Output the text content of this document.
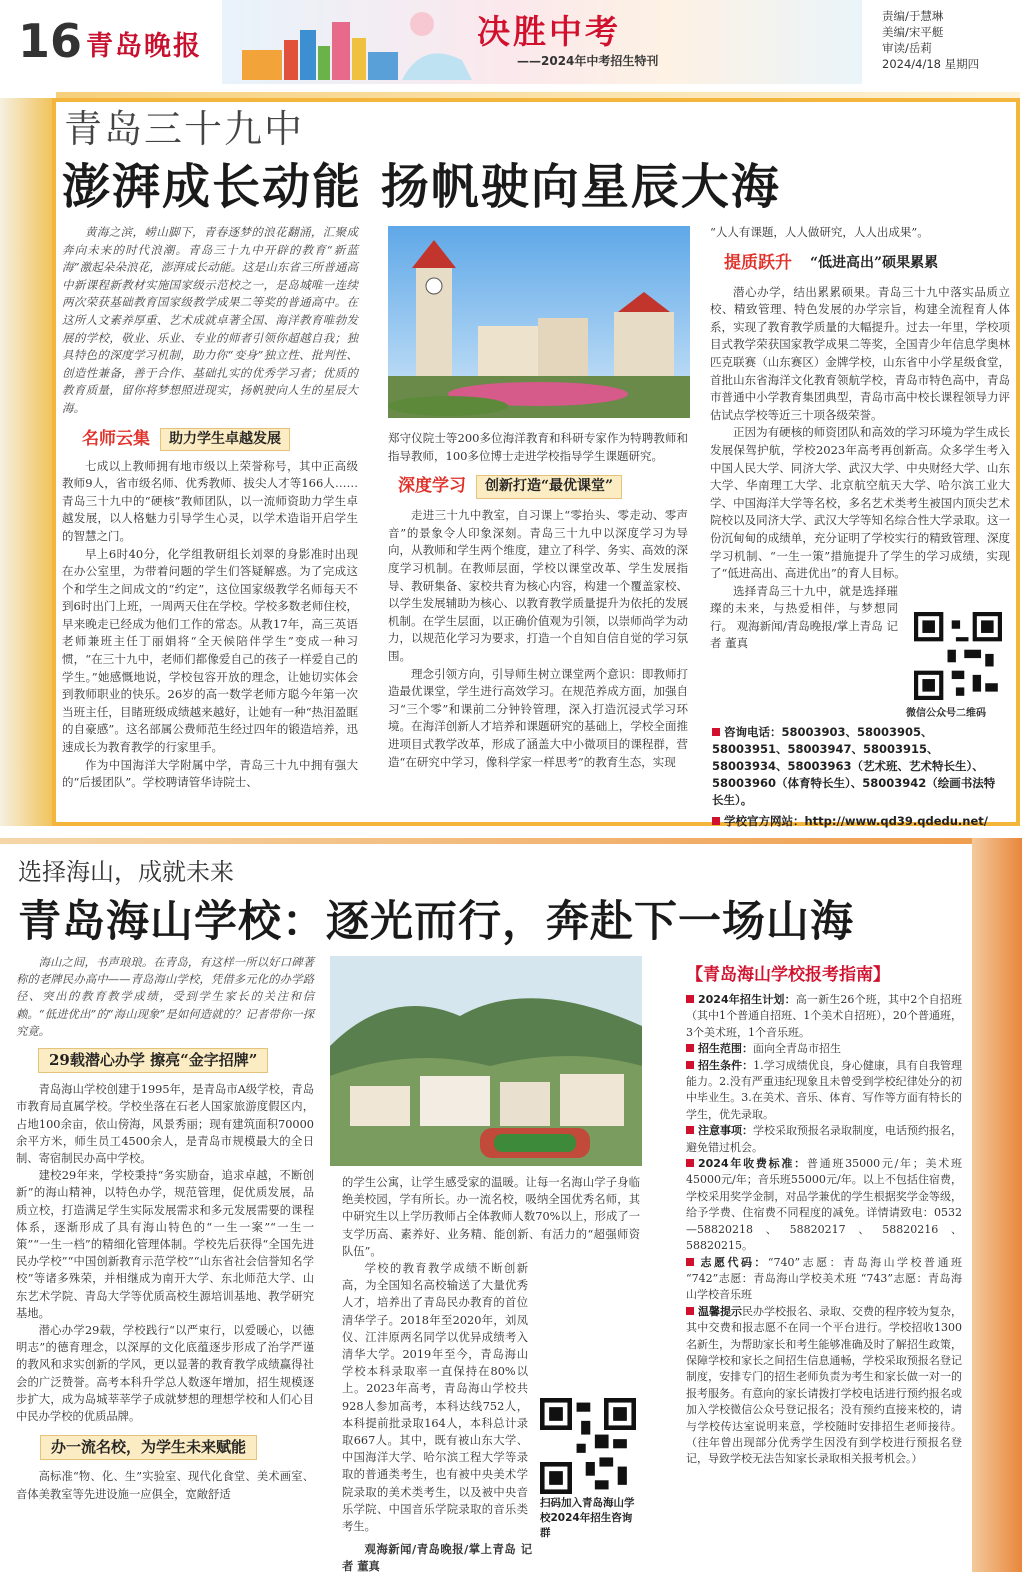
16 青岛晚报	决胜中考
——2024年中考招生特刊
责编/于慧琳
美编/宋平艇
审读/岳莉
2024/4/18 星期四
青岛三十九中
澎湃成长动能 扬帆驶向星辰大海

黄海之滨，崂山脚下，青春逐梦的浪花翻涌，汇聚成奔向未来的时代浪潮。青岛三十九中开辟的教育“新蓝海”激起朵朵浪花，澎湃成长动能。这是山东省三所普通高中新课程新教材实施国家级示范校之一，是岛城唯一连续两次荣获基础教育国家级教学成果二等奖的普通高中。在这所人文素养厚重、艺术成就卓著全国、海洋教育唯勃发展的学校，敬业、乐业、专业的师者引领你超越自我；独具特色的深度学习机制，助力你“变身”独立性、批判性、创造性兼备，善于合作、基础扎实的优秀学习者；优质的教育质量，留你将梦想照进现实，扬帆驶向人生的星辰大海。

名师云集	助力学生卓越发展

七成以上教师拥有地市级以上荣誉称号，其中正高级教师9人，省市级名师、优秀教师、拔尖人才等166人……青岛三十九中的“硬核”教师团队，以一流师资助力学生卓越发展，以人格魅力引导学生心灵，以学术造诣开启学生的智慧之门。

早上6时40分，化学组教研组长刘翠的身影准时出现在办公室里，为带着问题的学生们答疑解惑。为了完成这个和学生之间成文的“约定”，这位国家级教学名师每天不到6时出门上班，一周两天住在学校。学校多数老师住校，早来晚走已经成为他们工作的常态。从教17年，高三英语老师兼班主任丁丽娟将“全天候陪伴学生”变成一种习惯，“在三十九中，老师们都像爱自己的孩子一样爱自己的学生。”她感慨地说，学校包容开放的理念，让她切实体会到教师职业的快乐。26岁的高一数学老师方聪今年第一次当班主任，目睹班级成绩越来越好，让她有一种“热泪盈眶的自豪感”。这名部属公费师范生经过四年的锻造培养，迅速成长为教育教学的行家里手。

作为中国海洋大学附属中学，青岛三十九中拥有强大的“后援团队”。学校聘请管华诗院士、

郑守仪院士等200多位海洋教育和科研专家作为特聘教师和指导教师，100多位博士走进学校指导学生课题研究。

深度学习	创新打造“最优课堂”

走进三十九中教室，自习课上“零抬头、零走动、零声音”的景象令人印象深刻。青岛三十九中以深度学习为导向，从教师和学生两个维度，建立了科学、务实、高效的深度学习机制。在教师层面，学校以课堂改革、学生发展指导、教研集备、家校共育为核心内容，构建一个覆盖家校、以学生发展辅助为核心、以教育教学质量提升为依托的发展机制。在学生层面，以正确价值观为引领，以崇师尚学为动力，以规范化学习为要求，打造一个自知自信自觉的学习氛围。

理念引领方向，引导师生树立课堂两个意识：即教师打造最优课堂，学生进行高效学习。在规范养成方面，加强自习“三个零”和课前二分钟铃管理，深入打造沉浸式学习环境。在海洋创新人才培养和课题研究的基础上，学校全面推进项目式教学改革，形成了涵盖大中小微项目的课程群，营造“在研究中学习，像科学家一样思考”的教育生态，实现

“人人有课题，人人做研究，人人出成果”。

提质跃升	“低进高出”硕果累累

潜心办学，结出累累硕果。青岛三十九中落实品质立校、精致管理、特色发展的办学宗旨，构建全流程育人体系，实现了教育教学质量的大幅提升。过去一年里，学校项目式教学荣获国家教学成果二等奖，全国青少年信息学奥林匹克联赛（山东赛区）金牌学校，山东省中小学星级食堂，首批山东省海洋文化教育领航学校，青岛市特色高中，青岛市普通中小学教育集团典型，青岛市高中校长课程领导力评估试点学校等近三十项各级荣誉。

正因为有硬核的师资团队和高效的学习环境为学生成长发展保驾护航，学校2023年高考再创新高。众多学生考入中国人民大学、同济大学、武汉大学、中央财经大学、山东大学、华南理工大学、北京航空航天大学、哈尔滨工业大学、中国海洋大学等名校，多名艺术类考生被国内顶尖艺术院校以及同济大学、武汉大学等知名综合性大学录取。这一份沉甸甸的成绩单，充分证明了学校实行的精致管理、深度学习机制、“一生一策”措施提升了学生的学习成绩，实现了“低进高出、高进优出”的育人目标。

选择青岛三十九中，就是选择璀璨的未来，与热爱相伴，与梦想同行。 观海新闻/青岛晚报/掌上青岛 记者 董真

微信公众号二维码
咨询电话：58003903、58003905、58003951、58003947、58003915、58003934、58003963（艺术班、艺术特长生）、58003960（体育特长生）、58003942（绘画书法特长生）。
学校官方网站：http://www.qd39.qdedu.net/
选择海山，成就未来
青岛海山学校：逐光而行，奔赴下一场山海

海山之间，书声琅琅。在青岛，有这样一所以好口碑著称的老牌民办高中——青岛海山学校，凭借多元化的办学路径、突出的教育教学成绩，受到学生家长的关注和信赖。“低进优出”的“海山现象”是如何造就的？记者带你一探究竟。

29载潜心办学 擦亮“金字招牌”

青岛海山学校创建于1995年，是青岛市A级学校，青岛市教育局直属学校。学校坐落在石老人国家旅游度假区内，占地100余亩，依山傍海，风景秀丽；现有建筑面积70000余平方米，师生员工4500余人，是青岛市规模最大的全日制、寄宿制民办高中学校。

建校29年来，学校秉持“务实励奋，追求卓越，不断创新”的海山精神，以特色办学，规范管理，促优质发展，品质立校，打造满足学生实际发展需求和多元发展需要的课程体系，逐渐形成了具有海山特色的“一生一案”“一生一策”“一生一档”的精细化管理体制。学校先后获得“全国先进民办学校”“中国创新教育示范学校”“山东省社会信誉知名学校”等诸多殊荣，并相继成为南开大学、东北师范大学、山东艺术学院、青岛大学等优质高校生源培训基地、教学研究基地。

潜心办学29载，学校践行“以严束行，以爱暖心，以德明志”的德育理念，以深厚的文化底蕴逐步形成了治学严谨的教风和求实创新的学风，更以显著的教育教学成绩赢得社会的广泛赞誉。高考本科升学总人数逐年增加，招生规模逐步扩大，成为岛城莘莘学子成就梦想的理想学校和人们心目中民办学校的优质品牌。

办一流名校，为学生未来赋能

高标准“物、化、生”实验室、现代化食堂、美术画室、音体美教室等先进设施一应俱全，宽敞舒适

的学生公寓，让学生感受家的温暖。让每一名海山学子身临绝美校园，学有所长。办一流名校，吸纳全国优秀名师，其中研究生以上学历教师占全体教师人数70%以上，形成了一支学历高、素养好、业务精、能创新、有活力的“超强师资队伍”。

学校的教育教学成绩不断创新高，为全国知名高校输送了大量优秀人才，培养出了青岛民办教育的首位清华学子。2018年至2020年，刘凤仪、江沣原两名同学以优异成绩考入清华大学。2019年至今，青岛海山学校本科录取率一直保持在80%以上。2023年高考，青岛海山学校共928人参加高考，本科达线752人，本科提前批录取164人，本科总计录取667人。其中，既有被山东大学、中国海洋大学、哈尔滨工程大学等录取的普通类考生，也有被中央美术学院录取的美术类考生，以及被中央音乐学院、中国音乐学院录取的音乐类考生。

观海新闻/青岛晚报/掌上青岛 记者 董真

扫码加入青岛海山学校2024年招生咨询群
【青岛海山学校报考指南】
2024年招生计划：高一新生26个班，其中2个自招班（其中1个普通自招班、1个美术自招班），20个普通班，3个美术班，1个音乐班。
招生范围：面向全青岛市招生
招生条件：1.学习成绩优良，身心健康，具有自我管理能力。2.没有严重违纪现象且未曾受到学校纪律处分的初中毕业生。3.在美术、音乐、体育、写作等方面有特长的学生，优先录取。
注意事项：学校采取预报名录取制度，电话预约报名，避免错过机会。
2024年收费标准：普通班35000元/年；美术班45000元/年；音乐班55000元/年。以上不包括住宿费，学校采用奖学金制，对品学兼优的学生根据奖学金等级，给予学费、住宿费不同程度的减免。详情请致电：0532—58820218、58820217、58820216、58820215。
志愿代码：“740”志愿：青岛海山学校普通班 “742”志愿：青岛海山学校美术班 “743”志愿：青岛海山学校音乐班
温馨提示民办学校报名、录取、交费的程序较为复杂，其中交费和报志愿不在同一个平台进行。学校招收1300名新生，为帮助家长和考生能够准确及时了解招生政策，保障学校和家长之间招生信息通畅，学校采取预报名登记制度，安排专门的招生老师负责为考生和家长做一对一的报考服务。有意向的家长请拨打学校电话进行预约报名或加入学校微信公众号登记报名；没有预约直接来校的，请与学校传达室说明来意，学校随时安排招生老师接待。（往年曾出现部分优秀学生因没有到学校进行预报名登记，导致学校无法告知家长录取相关报考机会。）
